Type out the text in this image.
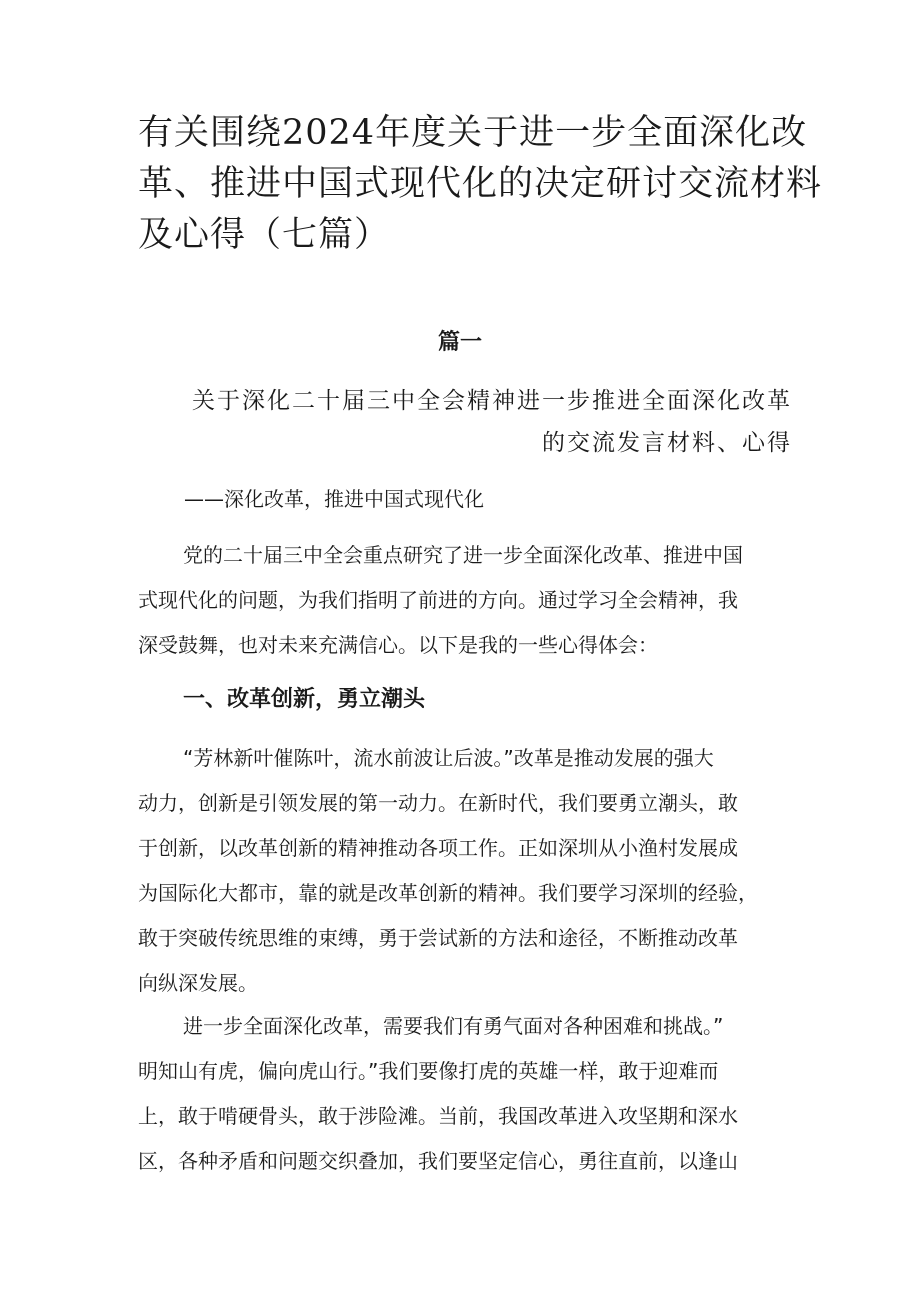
有关围绕2024年度关于进一步全面深化改
革、推进中国式现代化的决定研讨交流材料
及心得（七篇）
篇一
关于深化二十届三中全会精神进一步推进全面深化改革
的交流发言材料、心得

——深化改革，推进中国式现代化

党的二十届三中全会重点研究了进一步全面深化改革、推进中国
式现代化的问题，为我们指明了前进的方向。通过学习全会精神，我
深受鼓舞，也对未来充满信心。以下是我的一些心得体会：

一、改革创新，勇立潮头

“芳林新叶催陈叶，流水前波让后波。”改革是推动发展的强大
动力，创新是引领发展的第一动力。在新时代，我们要勇立潮头，敢
于创新，以改革创新的精神推动各项工作。正如深圳从小渔村发展成
为国际化大都市，靠的就是改革创新的精神。我们要学习深圳的经验，
敢于突破传统思维的束缚，勇于尝试新的方法和途径，不断推动改革
向纵深发展。

进一步全面深化改革，需要我们有勇气面对各种困难和挑战。”
明知山有虎，偏向虎山行。”我们要像打虎的英雄一样，敢于迎难而
上，敢于啃硬骨头，敢于涉险滩。当前，我国改革进入攻坚期和深水
区，各种矛盾和问题交织叠加，我们要坚定信心，勇往直前，以逢山
